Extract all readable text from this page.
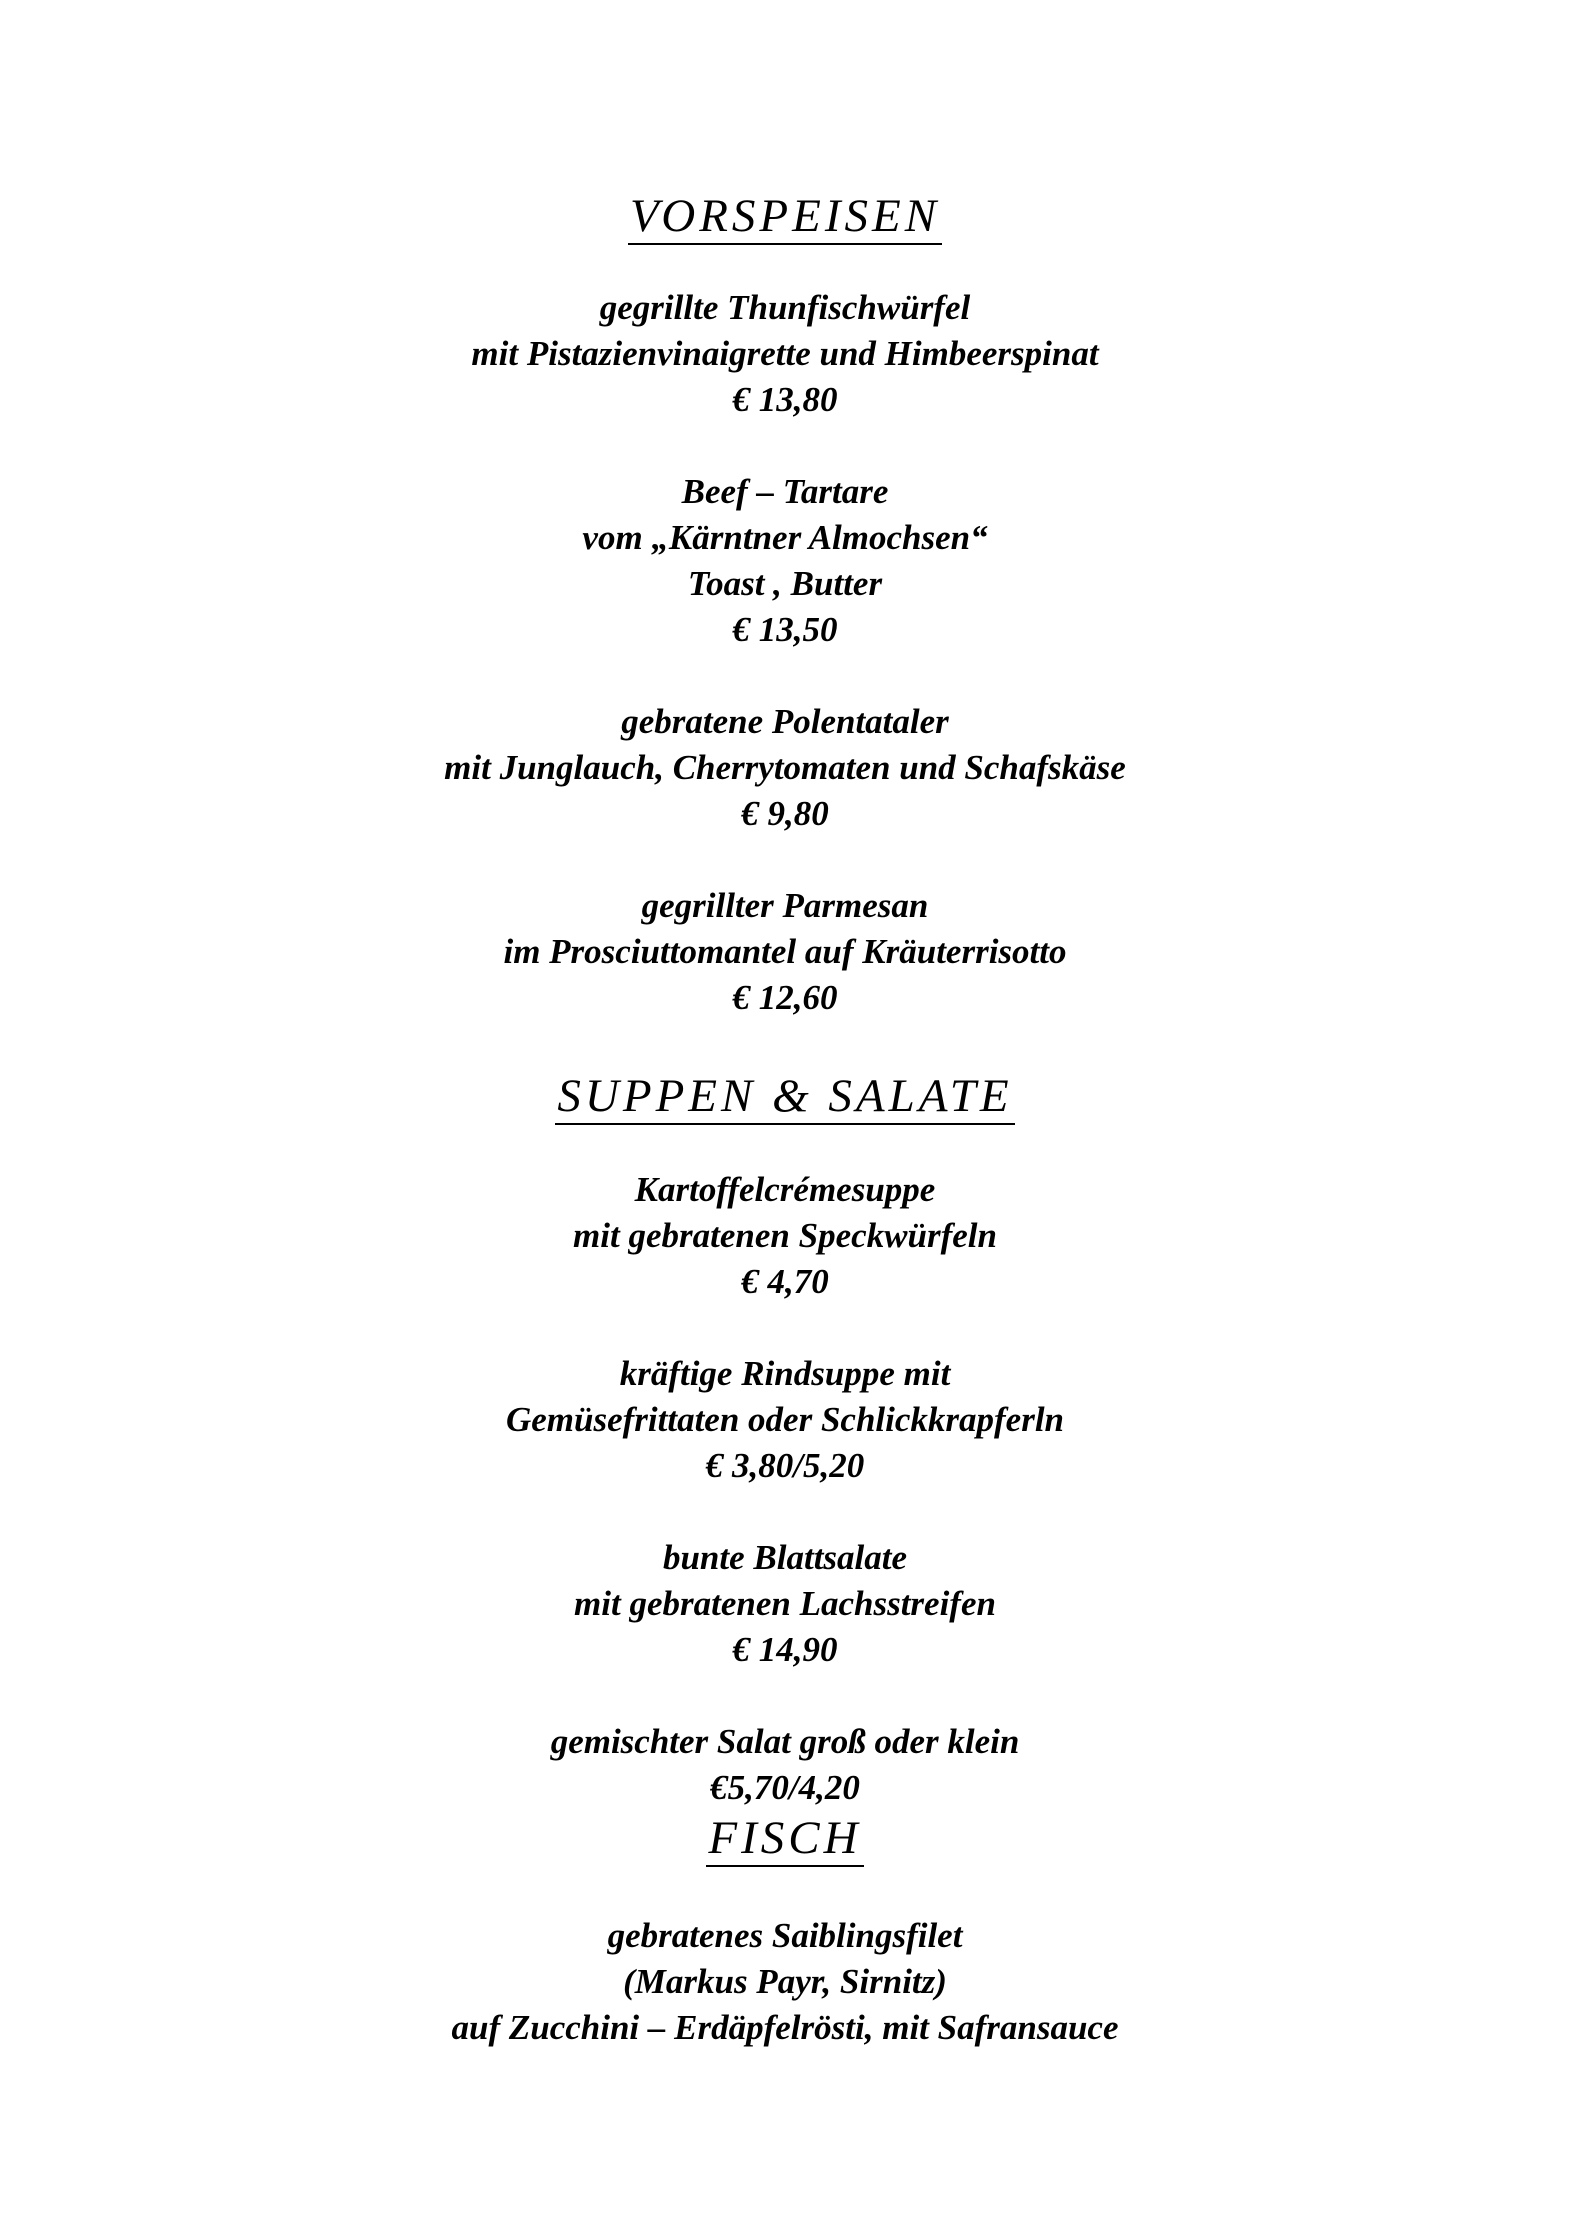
VORSPEISEN
gegrillte Thunfischwürfel
mit Pistazienvinaigrette und Himbeerspinat
€ 13,80
Beef – Tartare
vom „Kärntner Almochsen“
Toast , Butter
€ 13,50
gebratene Polentataler
mit Junglauch, Cherrytomaten und Schafskäse
€ 9,80
gegrillter Parmesan
im Prosciuttomantel auf Kräuterrisotto
€ 12,60
SUPPEN & SALATE
Kartoffelcrémesuppe
mit gebratenen Speckwürfeln
€ 4,70
kräftige Rindsuppe mit
Gemüsefrittaten oder Schlickkrapferln
€ 3,80/5,20
bunte Blattsalate
mit gebratenen Lachsstreifen
€ 14,90
gemischter Salat groß oder klein
€5,70/4,20
FISCH
gebratenes Saiblingsfilet
(Markus Payr, Sirnitz)
auf Zucchini – Erdäpfelrösti, mit Safransauce
